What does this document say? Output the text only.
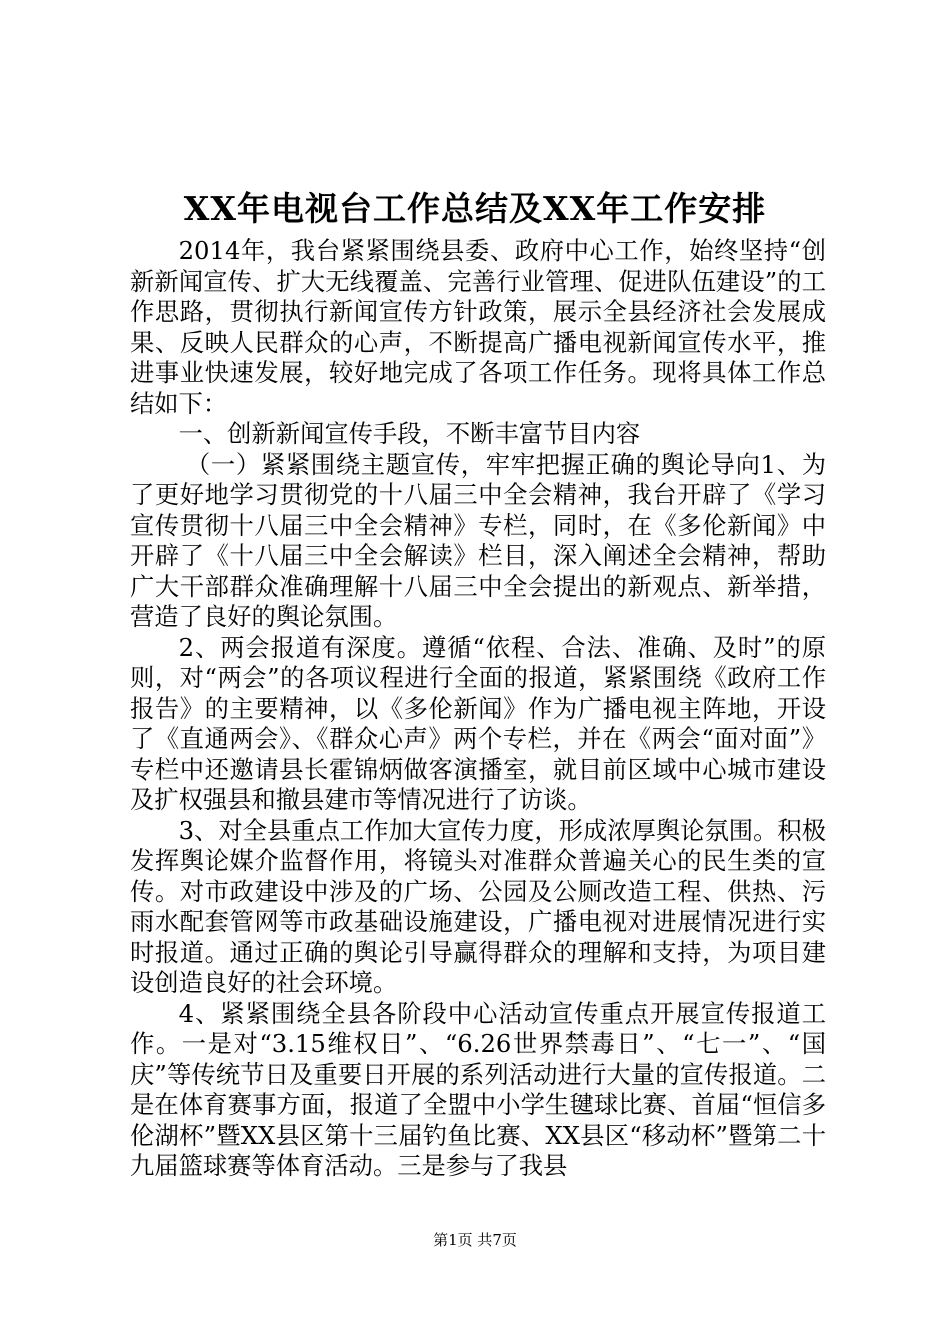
XX年电视台工作总结及XX年工作安排

2014年，我台紧紧围绕县委、政府中心工作，始终坚持“创新新闻宣传、扩大无线覆盖、完善行业管理、促进队伍建设”的工作思路，贯彻执行新闻宣传方针政策，展示全县经济社会发展成果、反映人民群众的心声，不断提高广播电视新闻宣传水平，推进事业快速发展，较好地完成了各项工作任务。现将具体工作总结如下：

一、创新新闻宣传手段，不断丰富节目内容

（一）紧紧围绕主题宣传，牢牢把握正确的舆论导向1、为了更好地学习贯彻党的十八届三中全会精神，我台开辟了《学习宣传贯彻十八届三中全会精神》专栏，同时，在《多伦新闻》中开辟了《十八届三中全会解读》栏目，深入阐述全会精神，帮助广大干部群众准确理解十八届三中全会提出的新观点、新举措，营造了良好的舆论氛围。

2、两会报道有深度。遵循“依程、合法、准确、及时”的原则，对“两会”的各项议程进行全面的报道，紧紧围绕《政府工作报告》的主要精神，以《多伦新闻》作为广播电视主阵地，开设了《直通两会》、《群众心声》两个专栏，并在《两会“面对面”》专栏中还邀请县长霍锦炳做客演播室，就目前区域中心城市建设及扩权强县和撤县建市等情况进行了访谈。

3、对全县重点工作加大宣传力度，形成浓厚舆论氛围。积极发挥舆论媒介监督作用，将镜头对准群众普遍关心的民生类的宣传。对市政建设中涉及的广场、公园及公厕改造工程、供热、污雨水配套管网等市政基础设施建设，广播电视对进展情况进行实时报道。通过正确的舆论引导赢得群众的理解和支持，为项目建设创造良好的社会环境。

4、紧紧围绕全县各阶段中心活动宣传重点开展宣传报道工作。一是对“3.15维权日”、“6.26世界禁毒日”、“七一”、“国庆”等传统节日及重要日开展的系列活动进行大量的宣传报道。二是在体育赛事方面，报道了全盟中小学生毽球比赛、首届“恒信多伦湖杯”暨XX县区第十三届钓鱼比赛、XX县区“移动杯”暨第二十九届篮球赛等体育活动。三是参与了我县

第1页 共7页
